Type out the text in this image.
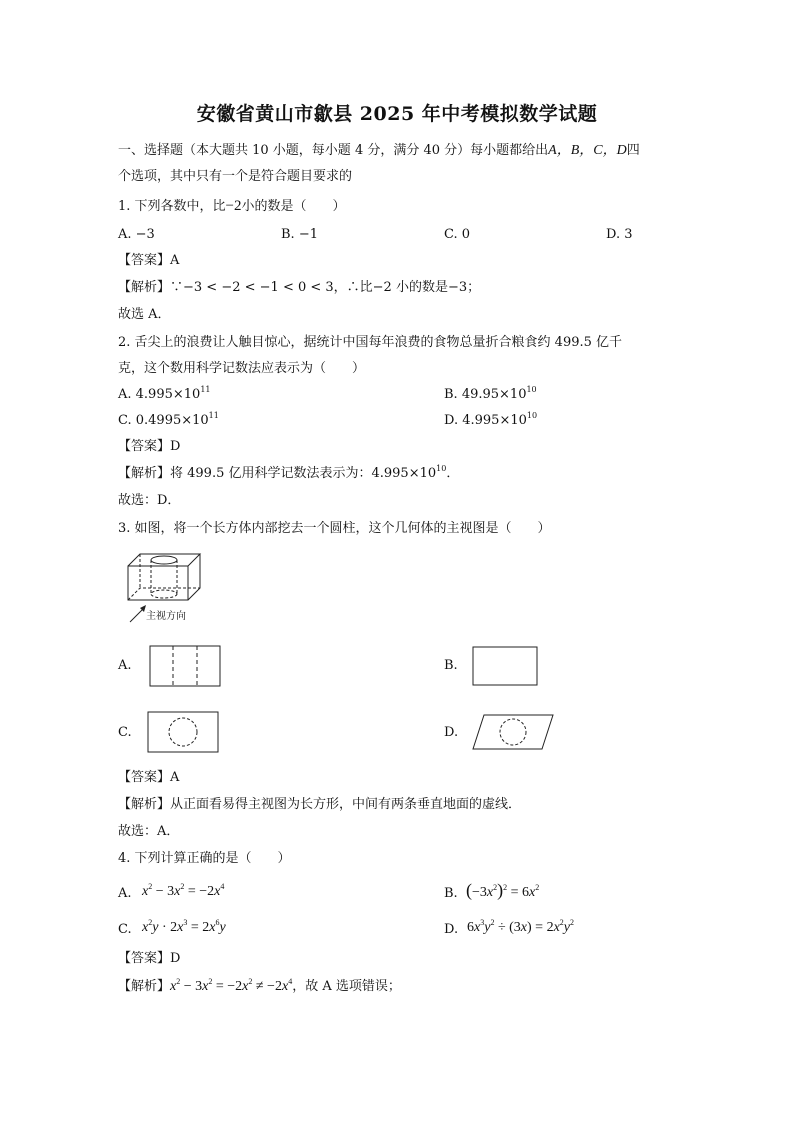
安徽省黄山市歙县 2025 年中考模拟数学试题
一、选择题（本大题共 10 小题，每小题 4 分，满分 40 分）每小题都给出A，B，C，D四
个选项，其中只有一个是符合题目要求的
1. 下列各数中，比−2小的数是（　　）
A. −3	B. −1	C. 0	D. 3
【答案】A
【解析】∵−3 < −2 < −1 < 0 < 3，∴比−2 小的数是−3；
故选 A．
2. 舌尖上的浪费让人触目惊心，据统计中国每年浪费的食物总量折合粮食约 499.5 亿千
克，这个数用科学记数法应表示为（　　）
A. $4.995\times 10^{11}$	B. $49.95\times 10^{10}$
C. $0.4995\times 10^{11}$	D. $4.995\times 10^{10}$
【答案】D
【解析】将 499.5 亿用科学记数法表示为：$4.995\times 10^{10}$．
故选：D．
3. 如图，将一个长方体内部挖去一个圆柱，这个几何体的主视图是（　　）
主视方向
A.	B.
C.	D.
【答案】A
【解析】从正面看易得主视图为长方形，中间有两条垂直地面的虚线．
故选：A．
4. 下列计算正确的是（　　）
A. $x^2 - 3x^2 = -2x^4$	B. $(-3x^2)^2 = 6x^2$
C. $x^2y \cdot 2x^3 = 2x^6y$	D. $6x^3y^2 \div (3x) = 2x^2y^2$
【答案】D
【解析】$x^2 - 3x^2 = -2x^2 \ne -2x^4$，故 A 选项错误；
